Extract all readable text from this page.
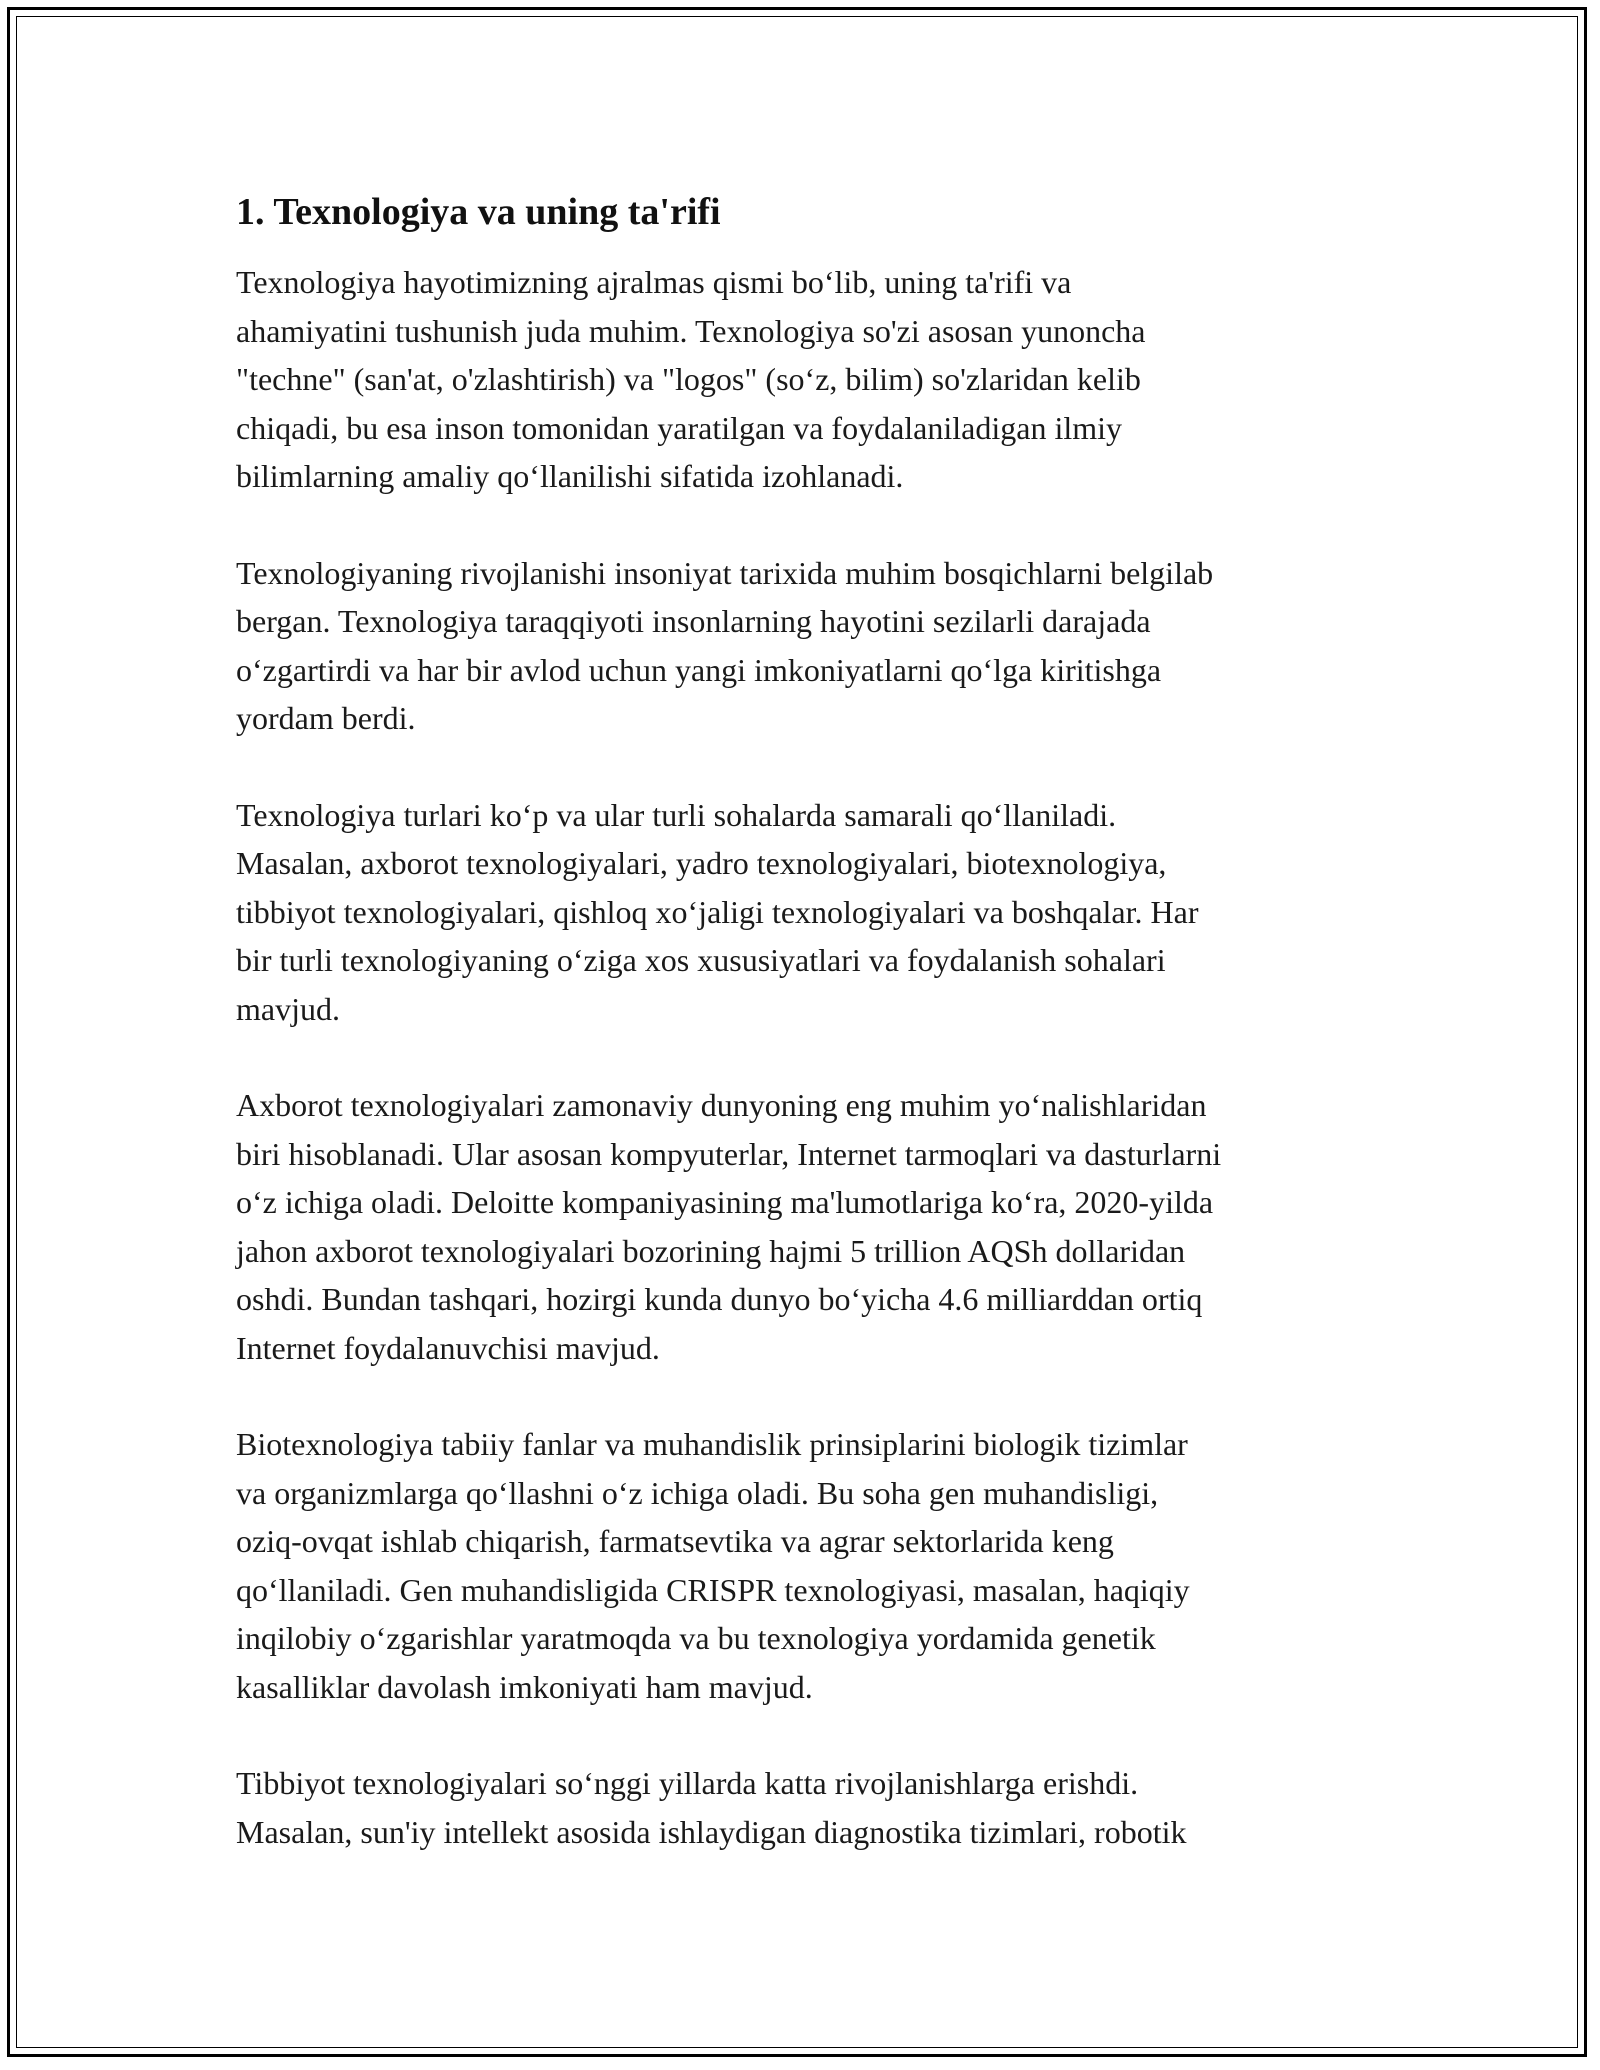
1. Texnologiya va uning ta'rifi

Texnologiya hayotimizning ajralmas qismi bo‘lib, uning ta'rifi va
ahamiyatini tushunish juda muhim. Texnologiya so'zi asosan yunoncha
"techne" (san'at, o'zlashtirish) va "logos" (so‘z, bilim) so'zlaridan kelib
chiqadi, bu esa inson tomonidan yaratilgan va foydalaniladigan ilmiy
bilimlarning amaliy qo‘llanilishi sifatida izohlanadi.

Texnologiyaning rivojlanishi insoniyat tarixida muhim bosqichlarni belgilab
bergan. Texnologiya taraqqiyoti insonlarning hayotini sezilarli darajada
o‘zgartirdi va har bir avlod uchun yangi imkoniyatlarni qo‘lga kiritishga
yordam berdi.

Texnologiya turlari ko‘p va ular turli sohalarda samarali qo‘llaniladi.
Masalan, axborot texnologiyalari, yadro texnologiyalari, biotexnologiya,
tibbiyot texnologiyalari, qishloq xo‘jaligi texnologiyalari va boshqalar. Har
bir turli texnologiyaning o‘ziga xos xususiyatlari va foydalanish sohalari
mavjud.

Axborot texnologiyalari zamonaviy dunyoning eng muhim yo‘nalishlaridan
biri hisoblanadi. Ular asosan kompyuterlar, Internet tarmoqlari va dasturlarni
o‘z ichiga oladi. Deloitte kompaniyasining ma'lumotlariga ko‘ra, 2020-yilda
jahon axborot texnologiyalari bozorining hajmi 5 trillion AQSh dollaridan
oshdi. Bundan tashqari, hozirgi kunda dunyo bo‘yicha 4.6 milliarddan ortiq
Internet foydalanuvchisi mavjud.

Biotexnologiya tabiiy fanlar va muhandislik prinsiplarini biologik tizimlar
va organizmlarga qo‘llashni o‘z ichiga oladi. Bu soha gen muhandisligi,
oziq-ovqat ishlab chiqarish, farmatsevtika va agrar sektorlarida keng
qo‘llaniladi. Gen muhandisligida CRISPR texnologiyasi, masalan, haqiqiy
inqilobiy o‘zgarishlar yaratmoqda va bu texnologiya yordamida genetik
kasalliklar davolash imkoniyati ham mavjud.

Tibbiyot texnologiyalari so‘nggi yillarda katta rivojlanishlarga erishdi.
Masalan, sun'iy intellekt asosida ishlaydigan diagnostika tizimlari, robotik
